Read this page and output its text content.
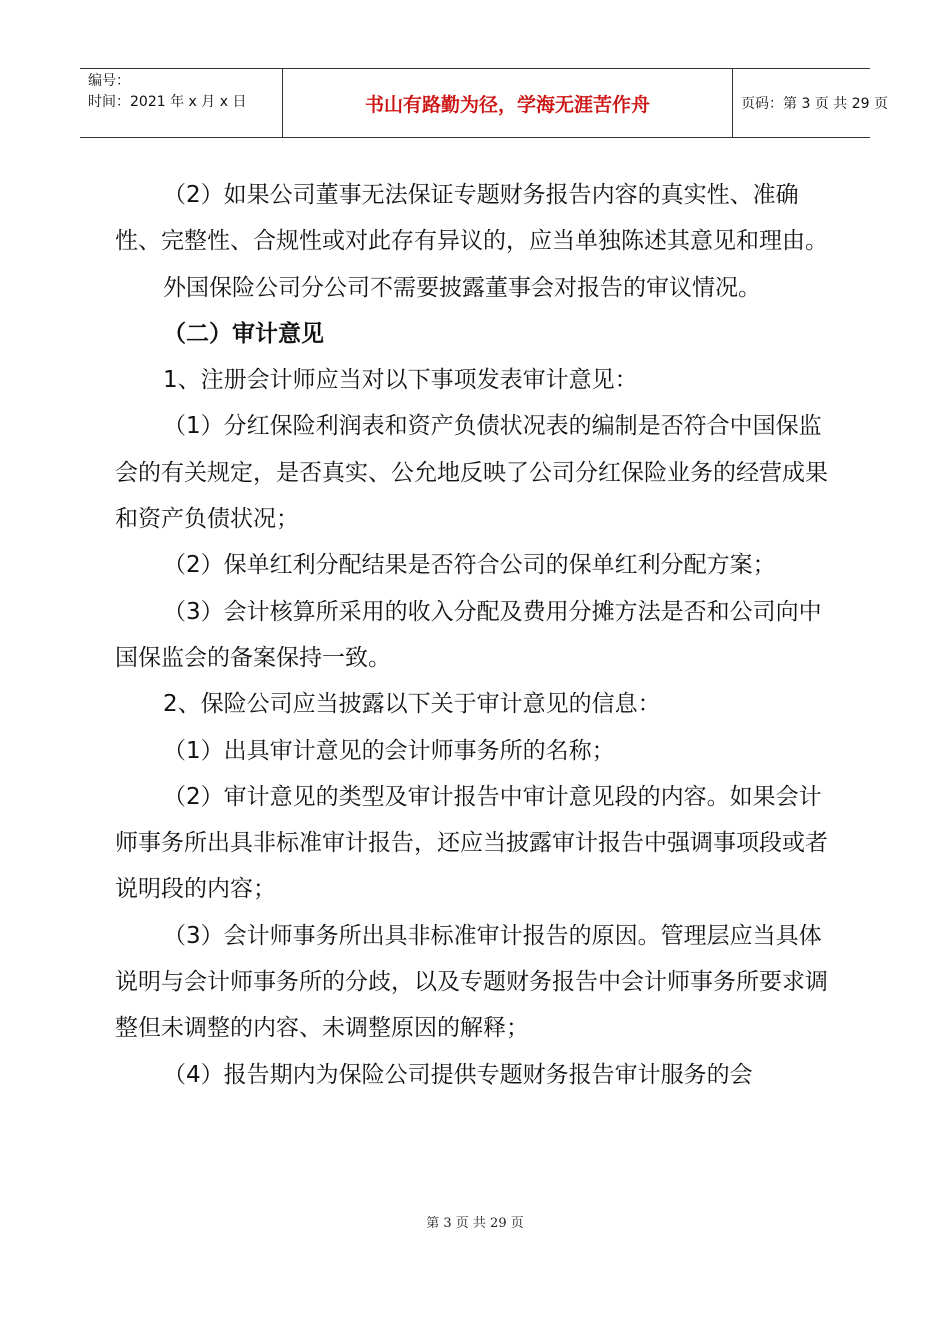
编号：
时间：2021 年 x 月 x 日	书山有路勤为径，学海无涯苦作舟	页码：第 3 页 共 29 页

（2）如果公司董事无法保证专题财务报告内容的真实性、准确性、完整性、合规性或对此存有异议的，应当单独陈述其意见和理由。

外国保险公司分公司不需要披露董事会对报告的审议情况。

（二）审计意见

1、注册会计师应当对以下事项发表审计意见：

（1）分红保险利润表和资产负债状况表的编制是否符合中国保监会的有关规定，是否真实、公允地反映了公司分红保险业务的经营成果和资产负债状况；

（2）保单红利分配结果是否符合公司的保单红利分配方案；

（3）会计核算所采用的收入分配及费用分摊方法是否和公司向中国保监会的备案保持一致。

2、保险公司应当披露以下关于审计意见的信息：

（1）出具审计意见的会计师事务所的名称；

（2）审计意见的类型及审计报告中审计意见段的内容。如果会计师事务所出具非标准审计报告，还应当披露审计报告中强调事项段或者说明段的内容；

（3）会计师事务所出具非标准审计报告的原因。管理层应当具体说明与会计师事务所的分歧，以及专题财务报告中会计师事务所要求调整但未调整的内容、未调整原因的解释；

（4）报告期内为保险公司提供专题财务报告审计服务的会

第 3 页 共 29 页
